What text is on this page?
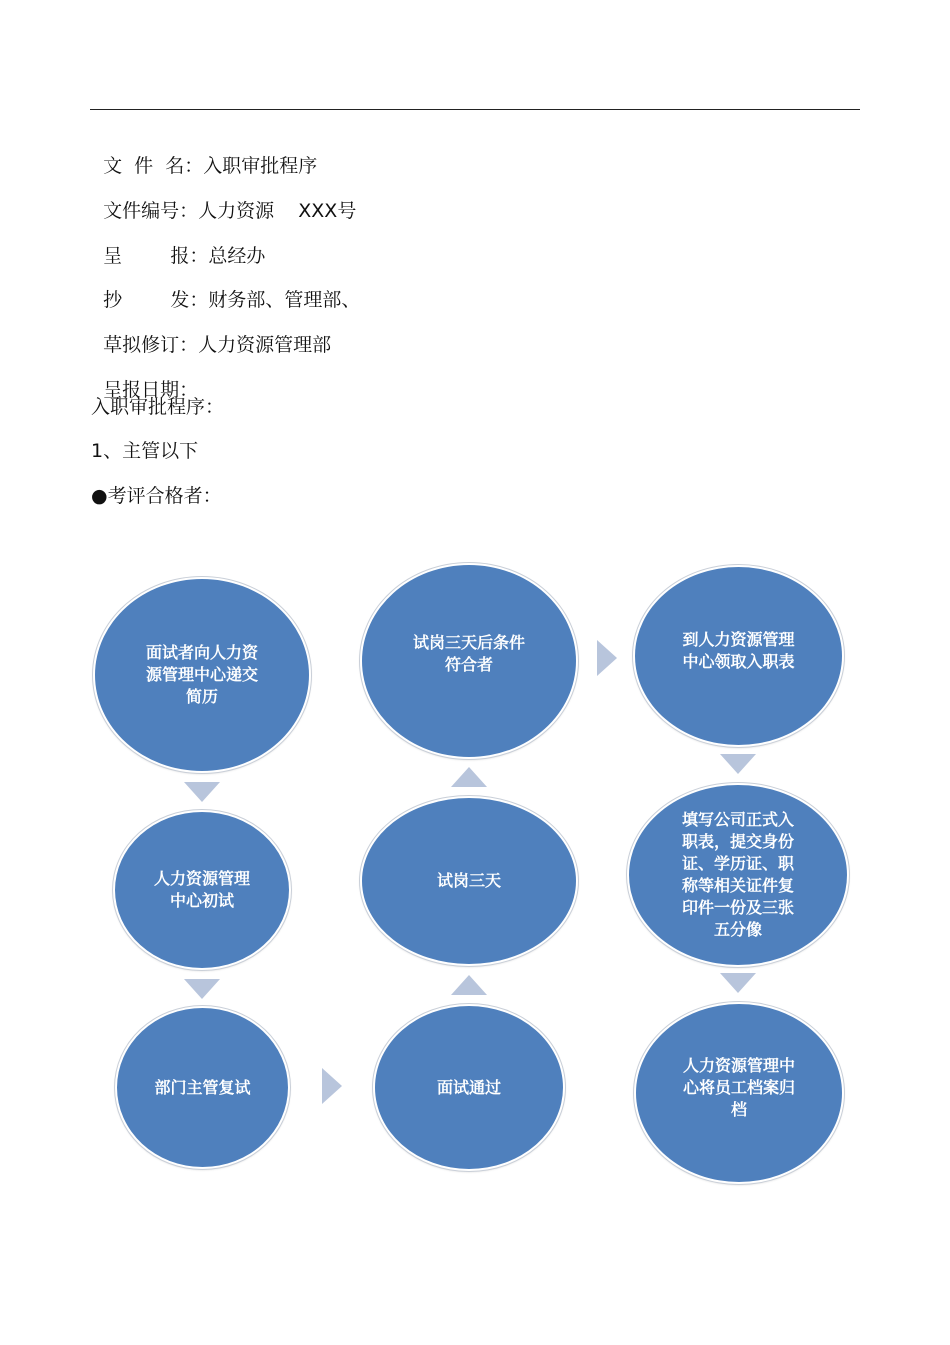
文  件  名：入职审批程序

文件编号：人力资源    XXX号

呈        报：总经办

抄        发：财务部、管理部、

草拟修订：人力资源管理部

呈报日期：

入职审批程序：
1、主管以下
●考评合格者：
面试者向人力资
源管理中心递交
简历
人力资源管理
中心初试
部门主管复试	面试通过
试岗三天
试岗三天后条件
符合者
到人力资源管理
中心领取入职表
填写公司正式入
职表，提交身份
证、学历证、职
称等相关证件复
印件一份及三张
五分像
人力资源管理中
心将员工档案归
档
